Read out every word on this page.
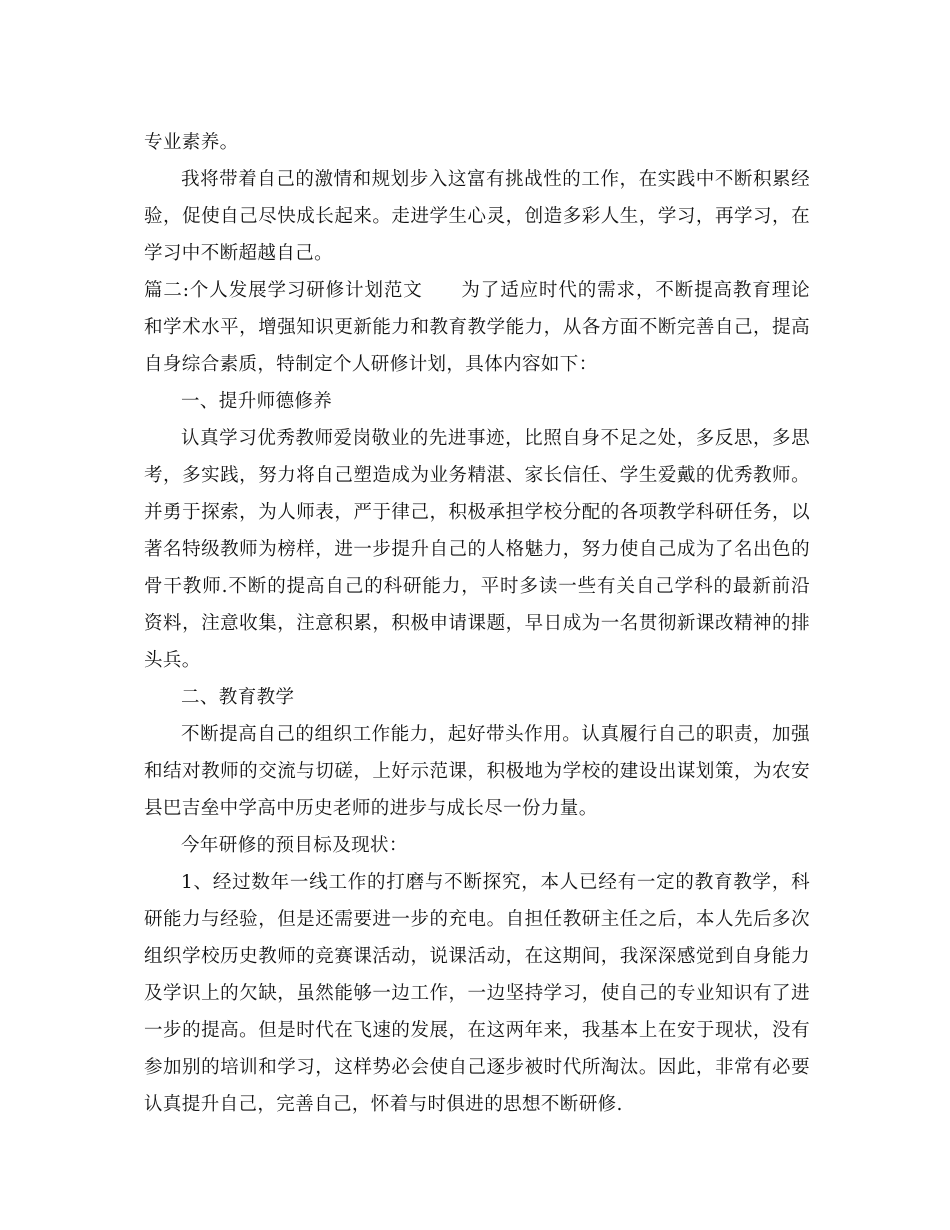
专业素养。

我将带着自己的激情和规划步入这富有挑战性的工作，在实践中不断积累经验，促使自己尽快成长起来。走进学生心灵，创造多彩人生，学习，再学习，在学习中不断超越自己。

篇二:个人发展学习研修计划范文　　为了适应时代的需求，不断提高教育理论和学术水平，增强知识更新能力和教育教学能力，从各方面不断完善自己，提高自身综合素质，特制定个人研修计划，具体内容如下：

一、提升师德修养

认真学习优秀教师爱岗敬业的先进事迹，比照自身不足之处，多反思，多思考，多实践，努力将自己塑造成为业务精湛、家长信任、学生爱戴的优秀教师。并勇于探索，为人师表，严于律己，积极承担学校分配的各项教学科研任务，以著名特级教师为榜样，进一步提升自己的人格魅力，努力使自己成为了名出色的骨干教师.不断的提高自己的科研能力，平时多读一些有关自己学科的最新前沿资料，注意收集，注意积累，积极申请课题，早日成为一名贯彻新课改精神的排头兵。

二、教育教学

不断提高自己的组织工作能力，起好带头作用。认真履行自己的职责，加强和结对教师的交流与切磋，上好示范课，积极地为学校的建设出谋划策，为农安县巴吉垒中学高中历史老师的进步与成长尽一份力量。

今年研修的预目标及现状：

1、经过数年一线工作的打磨与不断探究，本人已经有一定的教育教学，科研能力与经验，但是还需要进一步的充电。自担任教研主任之后，本人先后多次组织学校历史教师的竞赛课活动，说课活动，在这期间，我深深感觉到自身能力及学识上的欠缺，虽然能够一边工作，一边坚持学习，使自己的专业知识有了进一步的提高。但是时代在飞速的发展，在这两年来，我基本上在安于现状，没有参加别的培训和学习，这样势必会使自己逐步被时代所淘汰。因此，非常有必要认真提升自己，完善自己，怀着与时俱进的思想不断研修.
